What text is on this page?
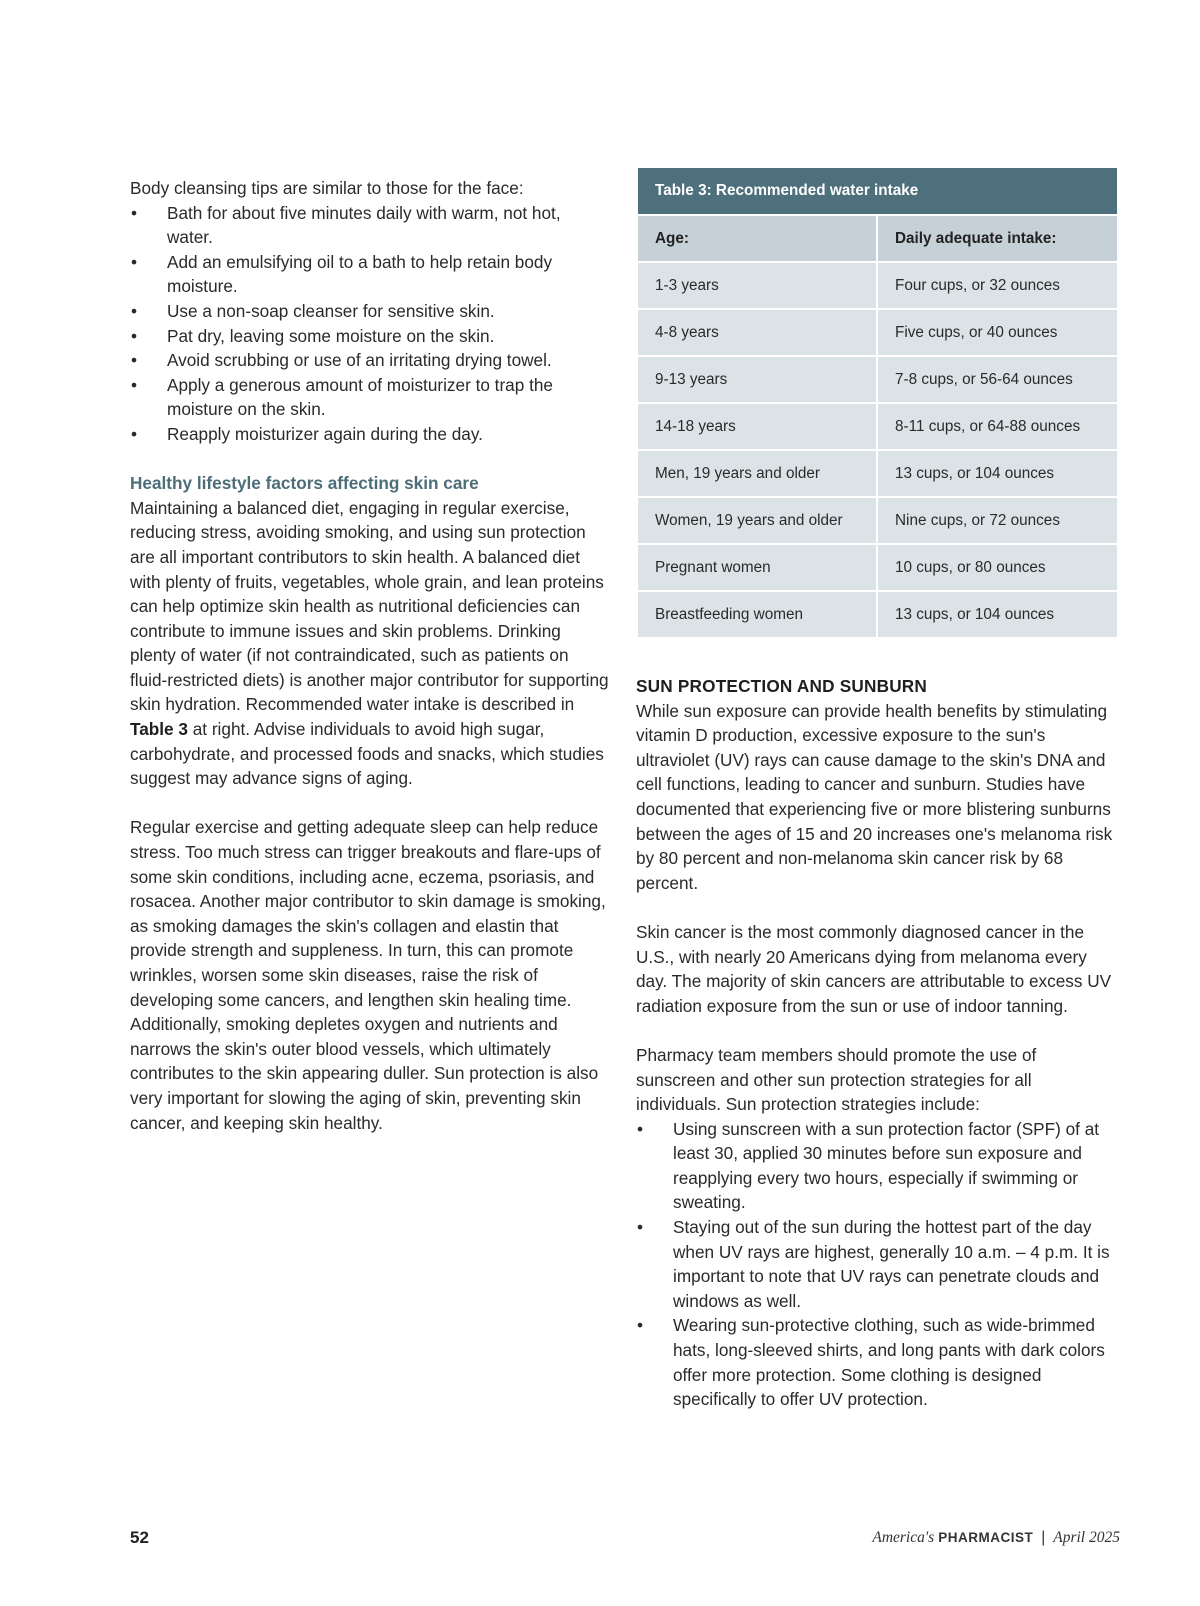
Body cleansing tips are similar to those for the face:

• Bath for about five minutes daily with warm, not hot, water.
• Add an emulsifying oil to a bath to help retain body moisture.
• Use a non-soap cleanser for sensitive skin.
• Pat dry, leaving some moisture on the skin.
• Avoid scrubbing or use of an irritating drying towel.
• Apply a generous amount of moisturizer to trap the moisture on the skin.
• Reapply moisturizer again during the day.

Healthy lifestyle factors affecting skin care

Maintaining a balanced diet, engaging in regular exercise, reducing stress, avoiding smoking, and using sun protection are all important contributors to skin health. A balanced diet with plenty of fruits, vegetables, whole grain, and lean proteins can help optimize skin health as nutritional deficiencies can contribute to immune issues and skin problems. Drinking plenty of water (if not contraindicated, such as patients on fluid-restricted diets) is another major contributor for supporting skin hydration. Recommended water intake is described in Table 3 at right. Advise individuals to avoid high sugar, carbohydrate, and processed foods and snacks, which studies suggest may advance signs of aging.

Regular exercise and getting adequate sleep can help reduce stress. Too much stress can trigger breakouts and flare-ups of some skin conditions, including acne, eczema, psoriasis, and rosacea. Another major contributor to skin damage is smoking, as smoking damages the skin's collagen and elastin that provide strength and suppleness. In turn, this can promote wrinkles, worsen some skin diseases, raise the risk of developing some cancers, and lengthen skin healing time. Additionally, smoking depletes oxygen and nutrients and narrows the skin's outer blood vessels, which ultimately contributes to the skin appearing duller. Sun protection is also very important for slowing the aging of skin, preventing skin cancer, and keeping skin healthy.

Table 3: Recommended water intake
Age:	Daily adequate intake:
1-3 years	Four cups, or 32 ounces
4-8 years	Five cups, or 40 ounces
9-13 years	7-8 cups, or 56-64 ounces
14-18 years	8-11 cups, or 64-88 ounces
Men, 19 years and older	13 cups, or 104 ounces
Women, 19 years and older	Nine cups, or 72 ounces
Pregnant women	10 cups, or 80 ounces
Breastfeeding women	13 cups, or 104 ounces

SUN PROTECTION AND SUNBURN

While sun exposure can provide health benefits by stimulating vitamin D production, excessive exposure to the sun's ultraviolet (UV) rays can cause damage to the skin's DNA and cell functions, leading to cancer and sunburn. Studies have documented that experiencing five or more blistering sunburns between the ages of 15 and 20 increases one's melanoma risk by 80 percent and non-melanoma skin cancer risk by 68 percent.

Skin cancer is the most commonly diagnosed cancer in the U.S., with nearly 20 Americans dying from melanoma every day. The majority of skin cancers are attributable to excess UV radiation exposure from the sun or use of indoor tanning.

Pharmacy team members should promote the use of sunscreen and other sun protection strategies for all individuals. Sun protection strategies include:

• Using sunscreen with a sun protection factor (SPF) of at least 30, applied 30 minutes before sun exposure and reapplying every two hours, especially if swimming or sweating.
• Staying out of the sun during the hottest part of the day when UV rays are highest, generally 10 a.m. – 4 p.m. It is important to note that UV rays can penetrate clouds and windows as well.
• Wearing sun-protective clothing, such as wide-brimmed hats, long-sleeved shirts, and long pants with dark colors offer more protection. Some clothing is designed specifically to offer UV protection.
52	America's PHARMACIST | April 2025
